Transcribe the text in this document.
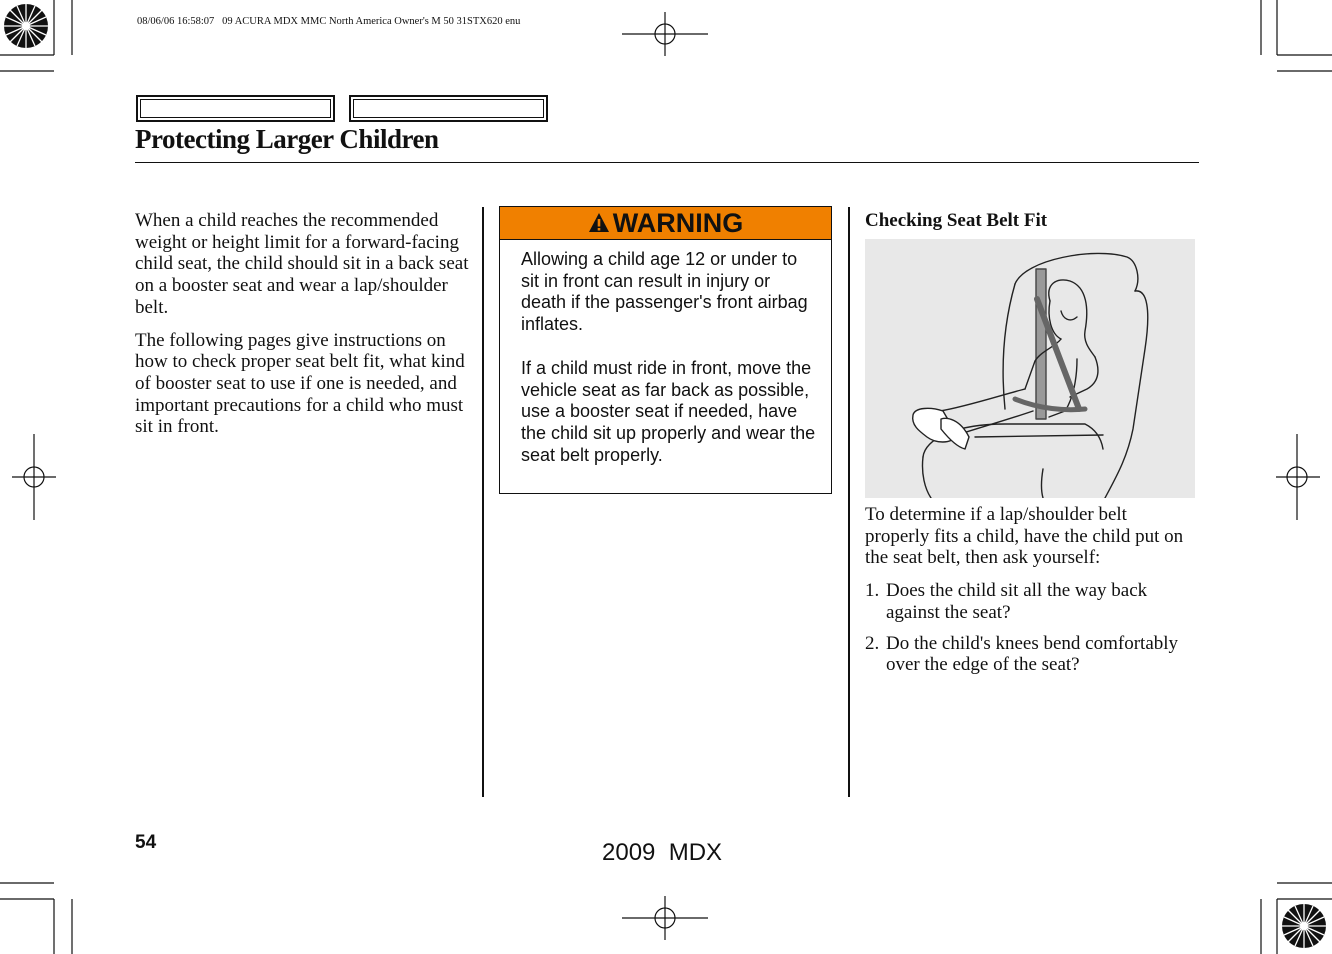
08/06/06 16:58:07   09 ACURA MDX MMC North America Owner's M 50 31STX620 enu
Protecting Larger Children

When a child reaches the recommended weight or height limit for a forward-facing child seat, the child should sit in a back seat on a booster seat and wear a lap/shoulder belt.

The following pages give instructions on how to check proper seat belt fit, what kind of booster seat to use if one is needed, and important precautions for a child who must sit in front.

WARNING

Allowing a child age 12 or under to sit in front can result in injury or death if the passenger's front airbag inflates.

If a child must ride in front, move the vehicle seat as far back as possible, use a booster seat if needed, have the child sit up properly and wear the seat belt properly.

Checking Seat Belt Fit

To determine if a lap/shoulder belt properly fits a child, have the child put on the seat belt, then ask yourself:

1. Does the child sit all the way back against the seat?
2. Do the child's knees bend comfortably over the edge of the seat?
54	2009  MDX
